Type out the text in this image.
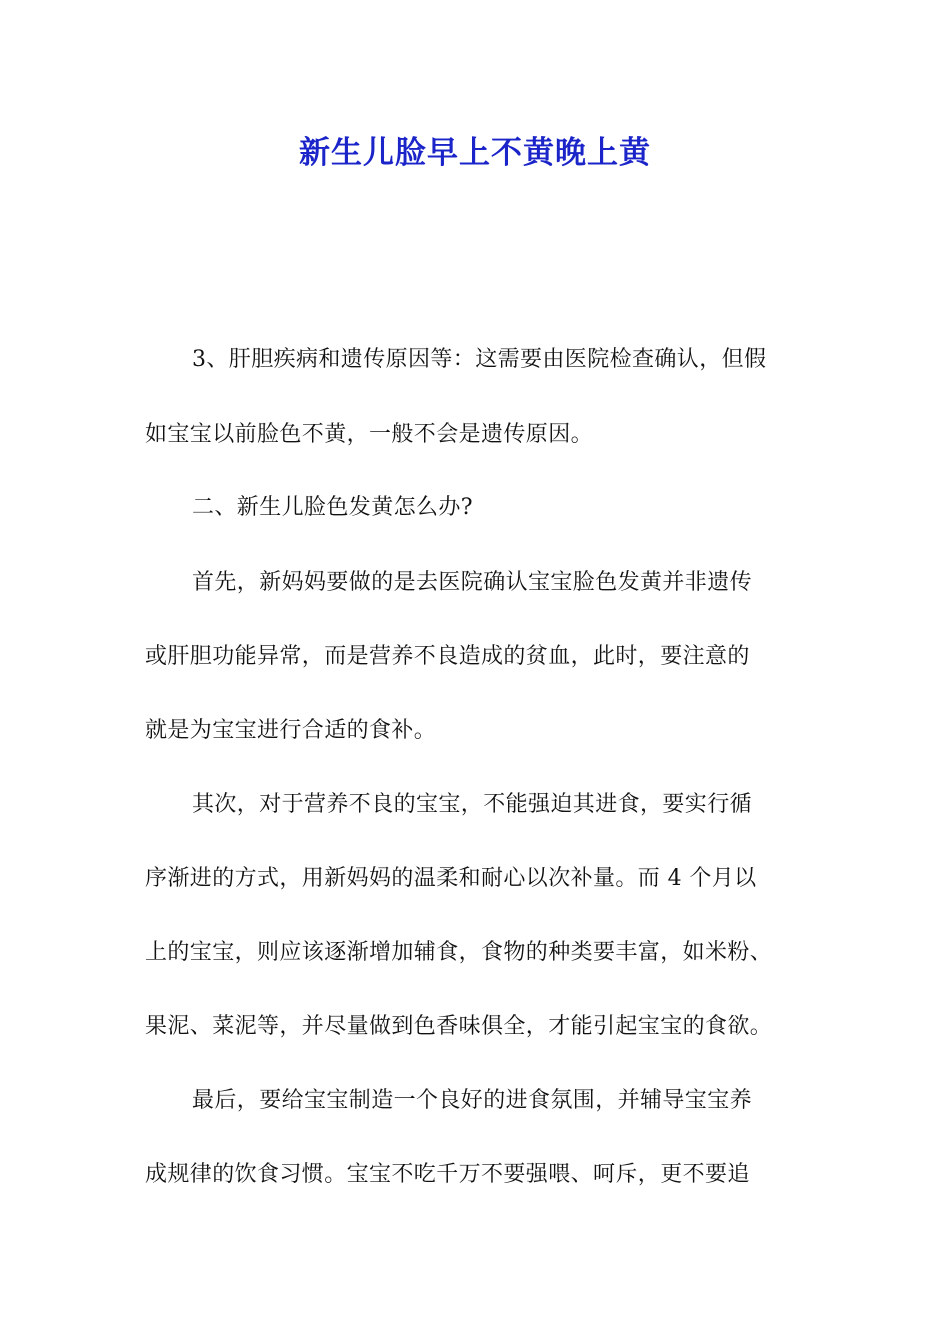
新生儿脸早上不黄晚上黄
3、肝胆疾病和遗传原因等：这需要由医院检查确认，但假
如宝宝以前脸色不黄，一般不会是遗传原因。
二、新生儿脸色发黄怎么办?
首先，新妈妈要做的是去医院确认宝宝脸色发黄并非遗传
或肝胆功能异常，而是营养不良造成的贫血，此时，要注意的
就是为宝宝进行合适的食补。
其次，对于营养不良的宝宝，不能强迫其进食，要实行循
序渐进的方式，用新妈妈的温柔和耐心以次补量。而 4 个月以
上的宝宝，则应该逐渐增加辅食，食物的种类要丰富，如米粉、
果泥、菜泥等，并尽量做到色香味俱全，才能引起宝宝的食欲。
最后，要给宝宝制造一个良好的进食氛围，并辅导宝宝养
成规律的饮食习惯。宝宝不吃千万不要强喂、呵斥，更不要追
